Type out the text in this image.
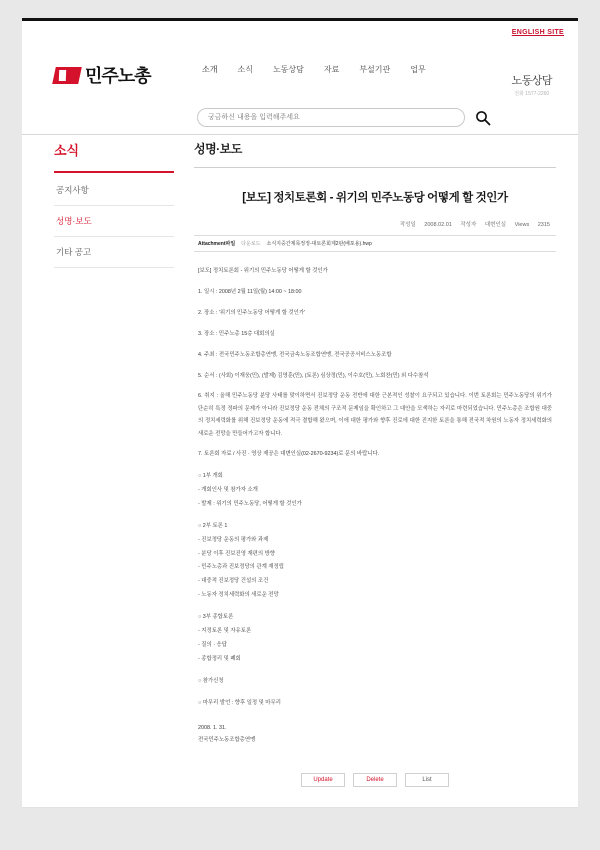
ENGLISH SITE
민주노총	소개	소식	노동상담	자료	부설기관	업무
노동상담
전화 1577-2260
궁금하신 내용을 입력해주세요
소식
공지사항
성명·보도
기타 공고
성명·보도
[보도] 정치토론회 - 위기의 민주노동당 어떻게 할 것인가
작성일 2008.02.01 작성자 대변인실 Views 2315
Attachment파일 다운로드 소식지중간제목정정-대토론회제2판(배포용).hwp

[보도] 정치토론회 - 위기의 민주노동당 어떻게 할 것인가

1. 일시 : 2008년 2월 11일(월) 14:00 ~ 18:00

2. 장소 : '위기의 민주노동당 어떻게 할 것인가'

3. 장소 : 민주노총 15층 대회의실

4. 주최 : 전국민주노동조합총연맹, 전국금속노동조합연맹, 전국공공서비스노동조합

5. 순서 : (사회) 이재웅(민), (발제) 김영훈(민), (토론) 심상정(민), 이수호(민), 노회찬(민) 외 다수참석

6. 취지 : 올해 민주노동당 분당 사태를 맞이하면서 진보정당 운동 전반에 대한 근본적인 성찰이 요구되고 있습니다. 이번 토론회는 민주노동당의 위기가 단순히 특정 정파의 문제가 아니라 진보정당 운동 전체의 구조적 문제임을 확인하고 그 대안을 모색하는 자리로 마련되었습니다. 민주노총은 조합원 대중의 정치세력화를 위해 진보정당 운동에 적극 결합해 왔으며, 이에 대한 평가와 향후 진로에 대한 진지한 토론을 통해 전국적 차원의 노동자 정치세력화의 새로운 전망을 만들어가고자 합니다.

7. 토론회 자료 / 사진 · 영상 제공은 대변인실(02-2670-9234)로 문의 바랍니다.

○ 1부 개회

- 개회인사 및 참가자 소개

- 발제 : 위기의 민주노동당, 어떻게 할 것인가

○ 2부 토론 1

- 진보정당 운동의 평가와 과제

- 분당 이후 진보진영 재편의 방향

- 민주노총과 진보정당의 관계 재정립

- 대중적 진보정당 건설의 조건

- 노동자 정치세력화의 새로운 전망

○ 3부 종합토론

- 지정토론 및 자유토론

- 질의 · 응답

- 종합정리 및 폐회

○ 참가신청

○ 마무리 발언 : 향후 일정 및 마무리

2008. 1. 31.
전국민주노동조합총연맹
Update	Delete	List
